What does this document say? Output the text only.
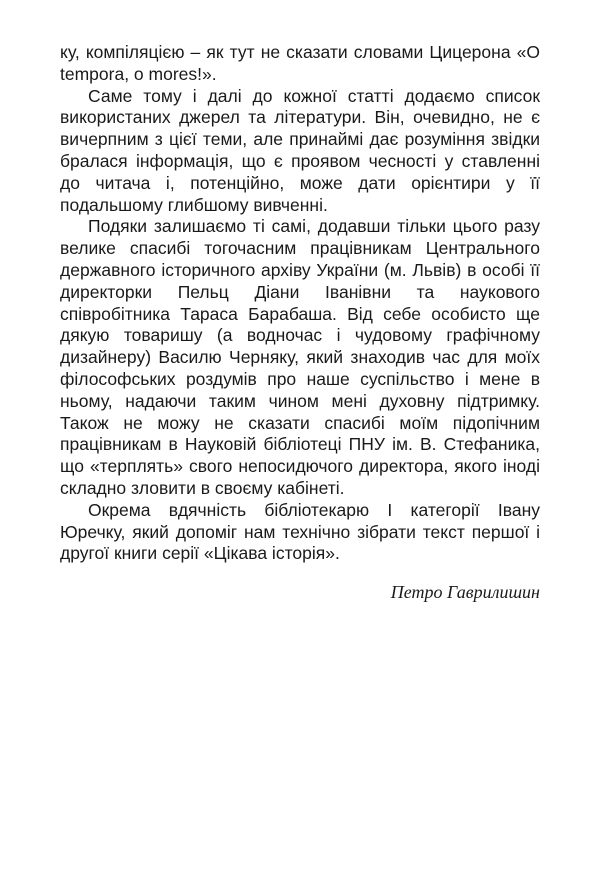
ку, компіляцією – як тут не сказати словами Цицерона «O tempora, o mores!».

Саме тому і далі до кожної статті додаємо список використаних джерел та літератури. Він, очевидно, не є вичерпним з цієї теми, але принаймі дає розуміння звідки бралася інформація, що є проявом чесності у ставленні до читача і, потенційно, може дати орієнтири у її подальшому глибшому вивченні.

Подяки залишаємо ті самі, додавши тільки цього разу велике спасибі тогочасним працівникам Центрального державного історичного архіву України (м. Львів) в особі її директорки Пельц Діани Іванівни та наукового співробітника Тараса Барабаша. Від себе особисто ще дякую товаришу (а водночас і чудовому графічному дизайнеру) Василю Черняку, який знаходив час для моїх філософських роздумів про наше суспільство і мене в ньому, надаючи таким чином мені духовну підтримку. Також не можу не сказати спасибі моїм підопічним працівникам в Науковій бібліотеці ПНУ ім. В. Стефаника, що «терплять» свого непосидючого директора, якого іноді складно зловити в своєму кабінеті.

Окрема вдячність бібліотекарю І категорії Івану Юречку, який допоміг нам технічно зібрати текст першої і другої книги серії «Цікава історія».

Петро Гаврилишин
